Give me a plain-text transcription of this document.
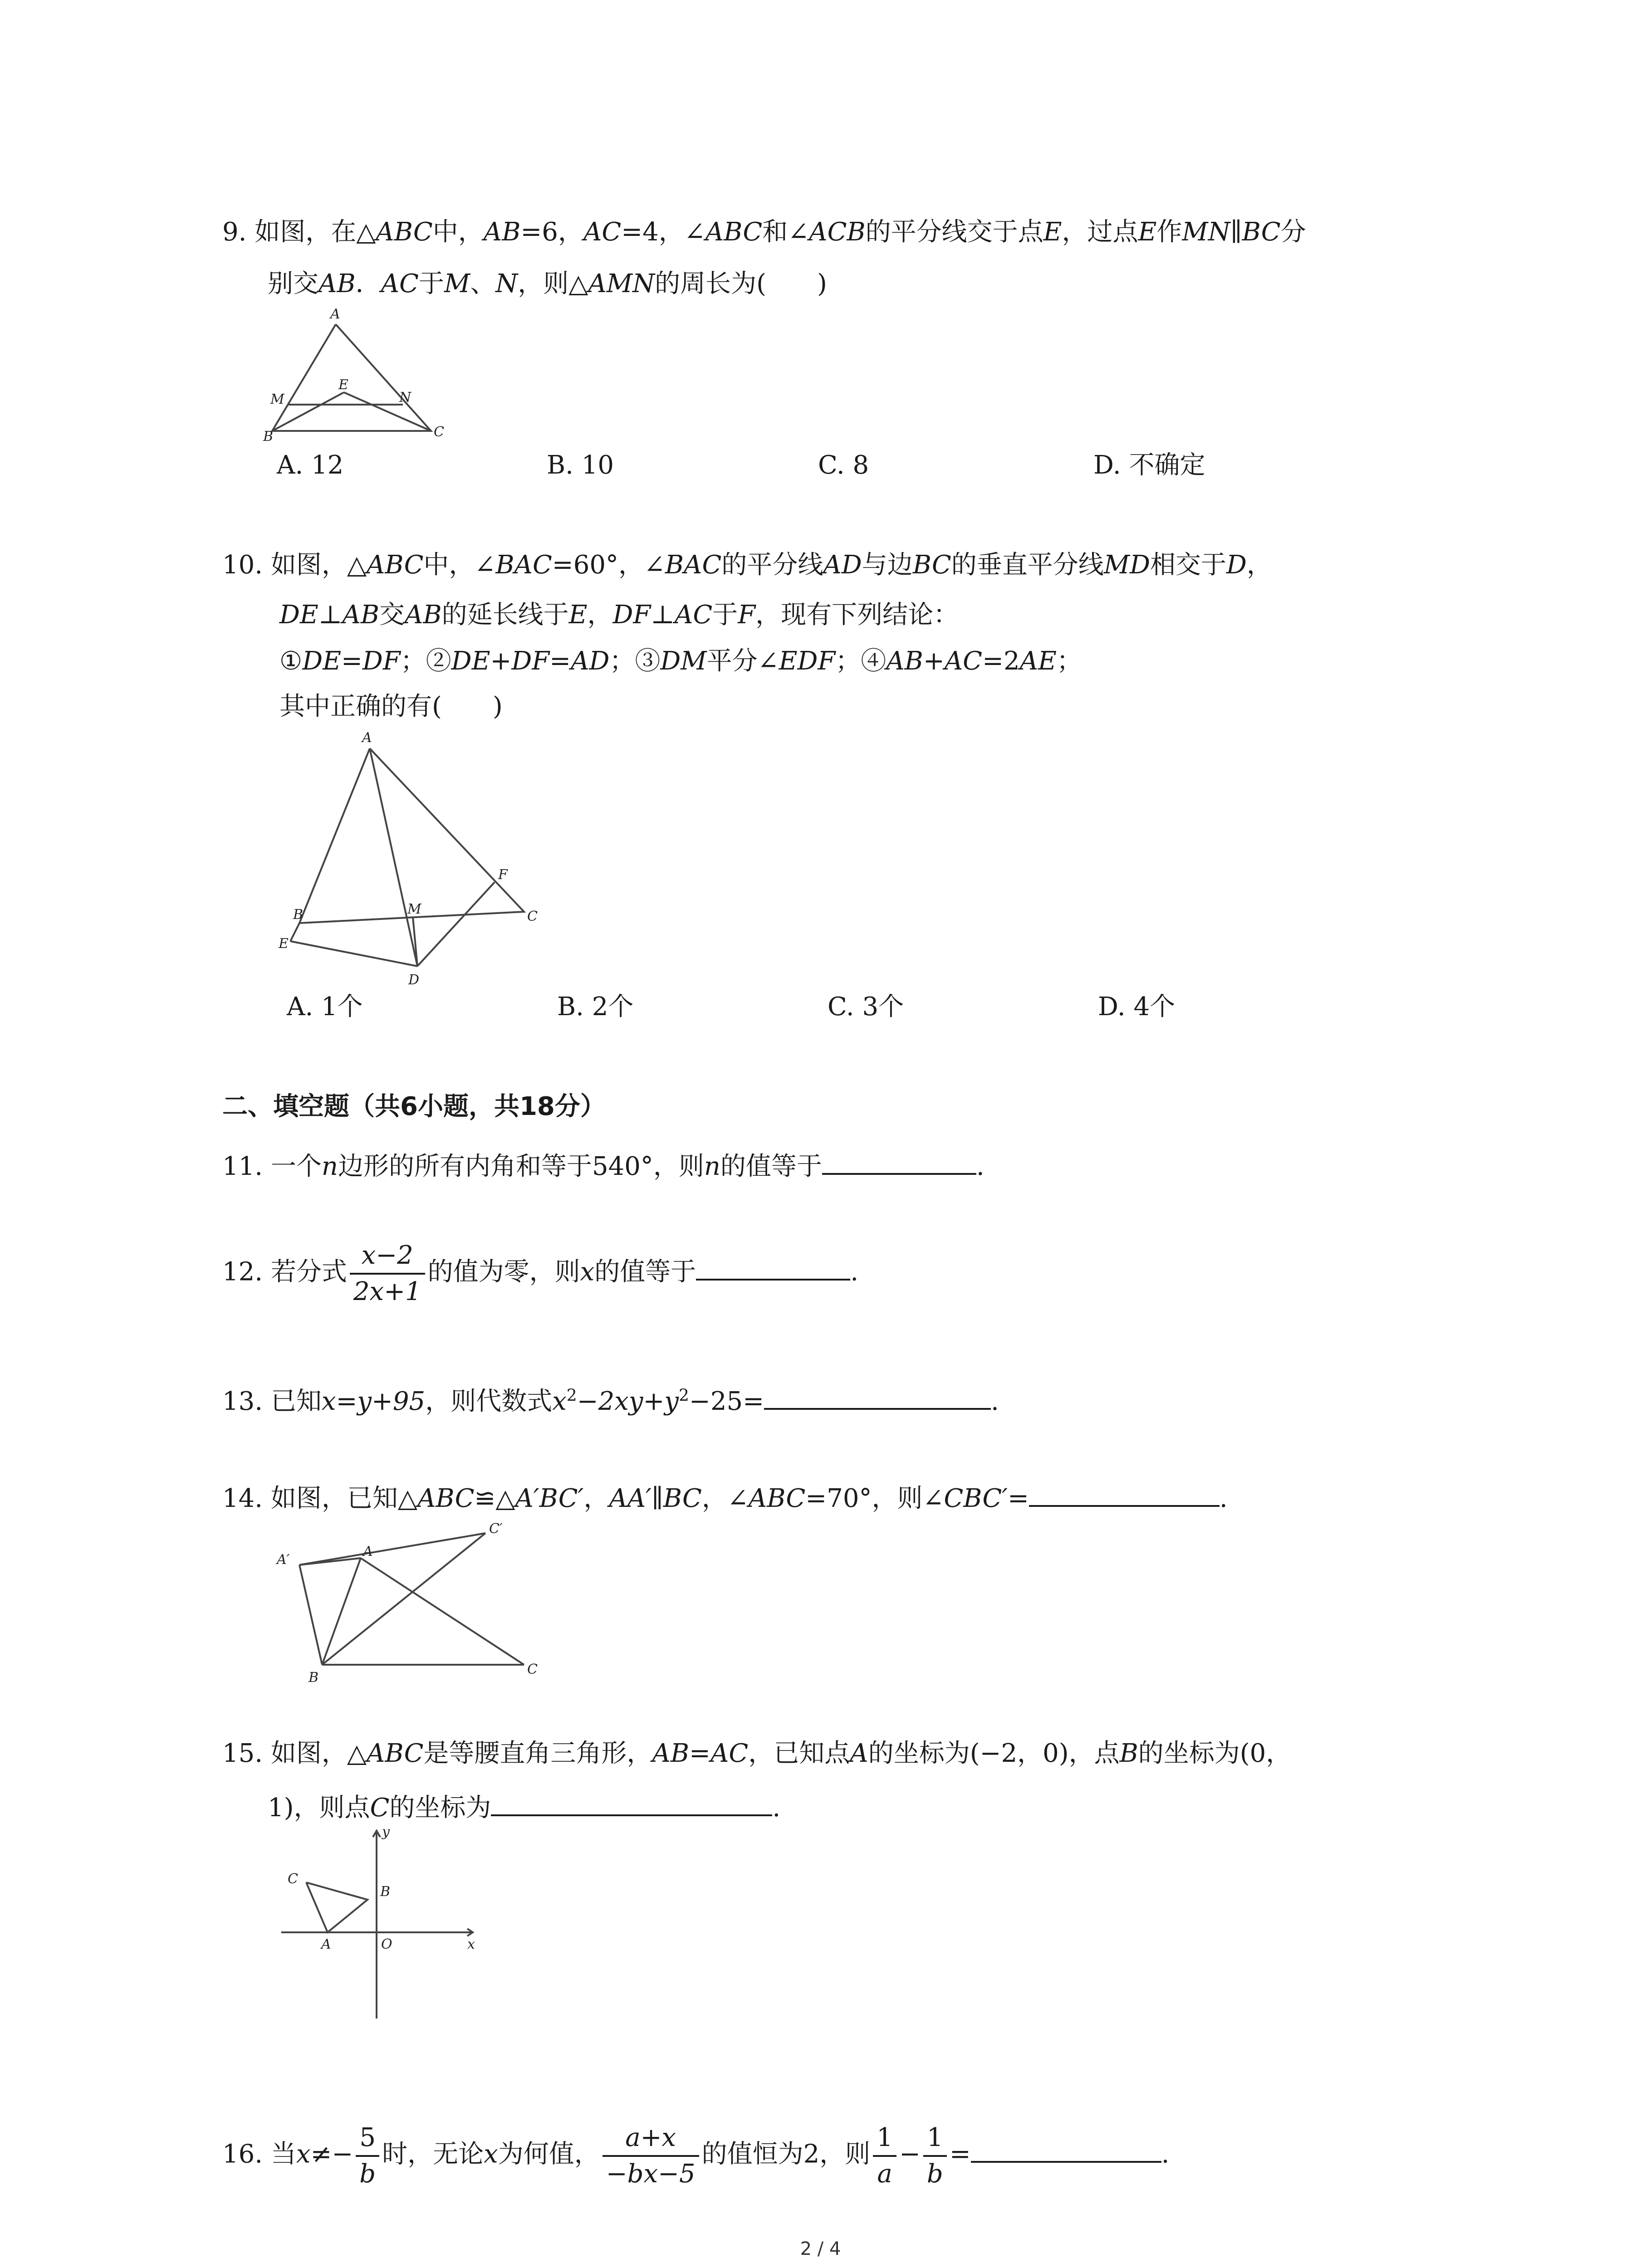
9. 如图，在△ABC中，AB=6，AC=4，∠ABC和∠ACB的平分线交于点E，过点E作MN∥BC分
别交AB．AC于M、N，则△AMN的周长为(　　)
A
E
M	N
B	C
A. 12	B. 10	C. 8	D. 不确定
10. 如图，△ABC中，∠BAC=60°，∠BAC的平分线AD与边BC的垂直平分线MD相交于D，
DE⊥AB交AB的延长线于E，DF⊥AC于F，现有下列结论：
①DE=DF；②DE+DF=AD；③DM平分∠EDF；④AB+AC=2AE；
其中正确的有(　　)
A
B	M
F
C
E
D
A. 1个	B. 2个	C. 3个	D. 4个
二、填空题（共6小题，共18分）
11. 一个n边形的所有内角和等于540°，则n的值等于	.
12. 若分式 $\frac{x-2}{2x+1}$ 的值为零，则x的值等于	.
13. 已知x=y+95，则代数式$x^2-2xy+y^2-25=$	.
14. 如图，已知△ABC≌△A′BC′，AA′∥BC，∠ABC=70°，则∠CBC′=	.
A′
A
C′
B
C
15. 如图，△ABC是等腰直角三角形，AB=AC，已知点A的坐标为(−2，0)，点B的坐标为(0，
1)，则点C的坐标为	.
C
B
A	O	x
y
16. 当$x\ne- \frac{5}{b}$ 时，无论x为何值， $\frac{a+x}{-bx-5}$ 的值恒为2，则 $\frac{1}{a} - \frac{1}{b}$ =	.
2 / 4
